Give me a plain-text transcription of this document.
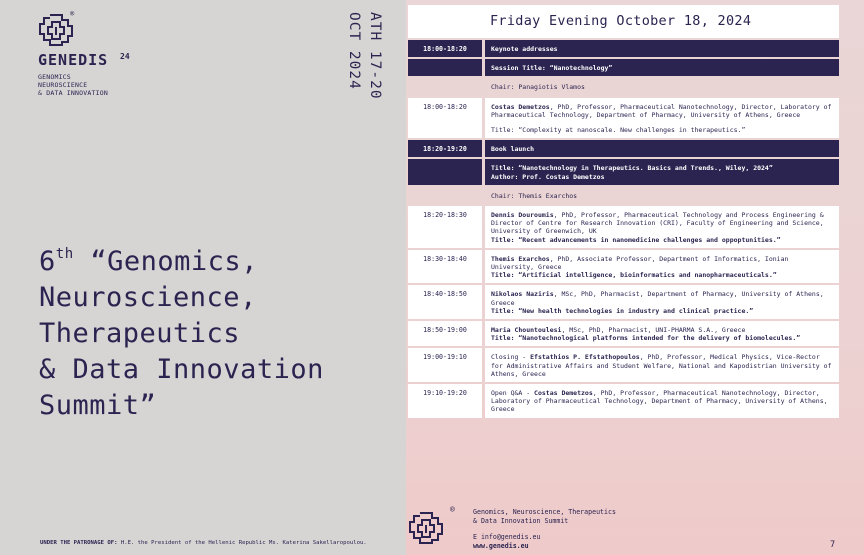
®
GENEDIS 24
GENOMICS
NEUROSCIENCE
& DATA INNOVATION	ATH 17-20
OCT 2024
6th “Genomics,
Neuroscience,
Therapeutics
& Data Innovation
Summit”
UNDER THE PATRONAGE OF: H.E. the President of the Hellenic Republic Ms. Katerina Sakellaropoulou.
Friday Evening October 18, 2024
18:00-18:20	Keynote addresses
Session Title: “Nanotechnology”
Chair: Panagiotis Vlamos
18:00-18:20	Costas Demetzos, PhD, Professor, Pharmaceutical Nanotechnology, Director, Laboratory of Pharmaceutical Technology, Department of Pharmacy, University of Athens, Greece
Title: “Complexity at nanoscale. New challenges in therapeutics.”
18:20-19:20	Book launch
Title: “Nanotechnology in Therapeutics. Basics and Trends., Wiley, 2024”
Author: Prof. Costas Demetzos
Chair: Themis Exarchos
18:20-18:30	Dennis Douroumis, PhD, Professor, Pharmaceutical Technology and Process Engineering & Director of Centre for Research Innovation (CRI), Faculty of Engineering and Science, University of Greenwich, UK
Title: “Recent advancements in nanomedicine challenges and oppoptunities.”
18:30-18:40	Themis Exarchos, PhD, Associate Professor, Department of Informatics, Ionian University, Greece
Title: “Artificial intelligence, bioinformatics and nanopharmaceuticals.”
18:40-18:50	Nikolaos Naziris, MSc, PhD, Pharmacist, Department of Pharmacy, University of Athens, Greece
Title: “New health technologies in industry and clinical practice.”
18:50-19:00	Maria Chountoulesi, MSc, PhD, Pharmacist, UNI-PHARMA S.A., Greece
Title: “Nanotechnological platforms intended for the delivery of biomolecules.”
19:00-19:10	Closing - Efstathios P. Efstathopoulos, PhD, Professor, Medical Physics, Vice-Rector for Administrative Affairs and Student Welfare, National and Kapodistrian University of Athens, Greece
19:10-19:20	Open Q&A - Costas Demetzos, PhD, Professor, Pharmaceutical Nanotechnology, Director, Laboratory of Pharmaceutical Technology, Department of Pharmacy, University of Athens, Greece
®	Genomics, Neuroscience, Therapeutics
& Data Innovation Summit
E info@genedis.eu
www.genedis.eu	7
